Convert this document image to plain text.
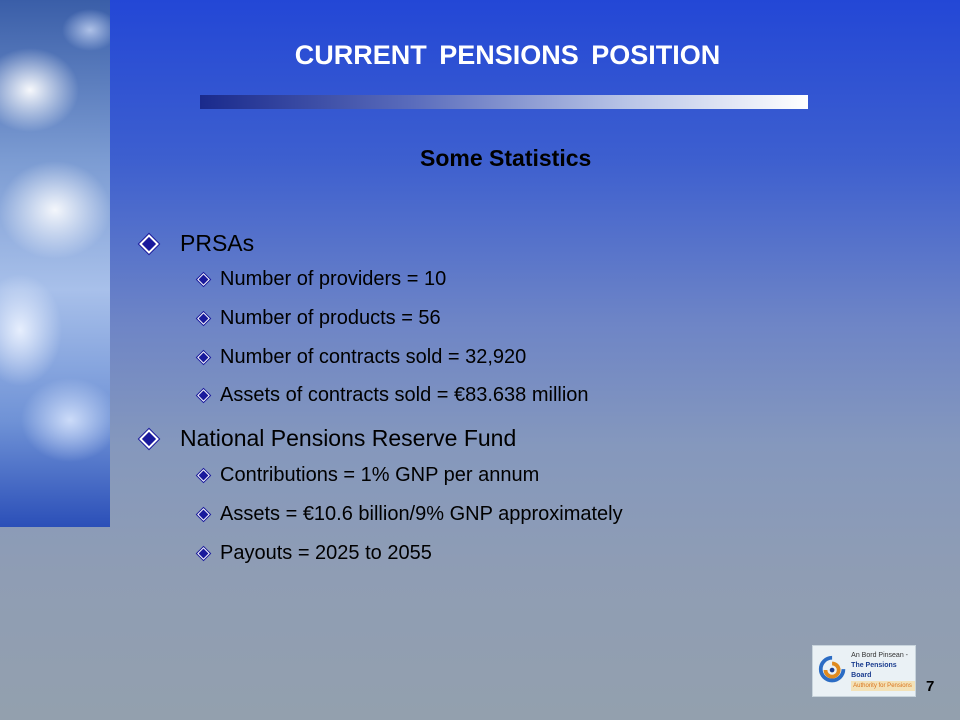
CURRENT PENSIONS POSITION
Some Statistics
PRSAs
Number of providers = 10
Number of products = 56
Number of contracts sold = 32,920
Assets of contracts sold = €83.638 million
National Pensions Reserve Fund
Contributions = 1% GNP per annum
Assets = €10.6 billion/9% GNP approximately
Payouts = 2025 to 2055
An Bord Pinsean -
The Pensions Board
Authority for Pensions 7
